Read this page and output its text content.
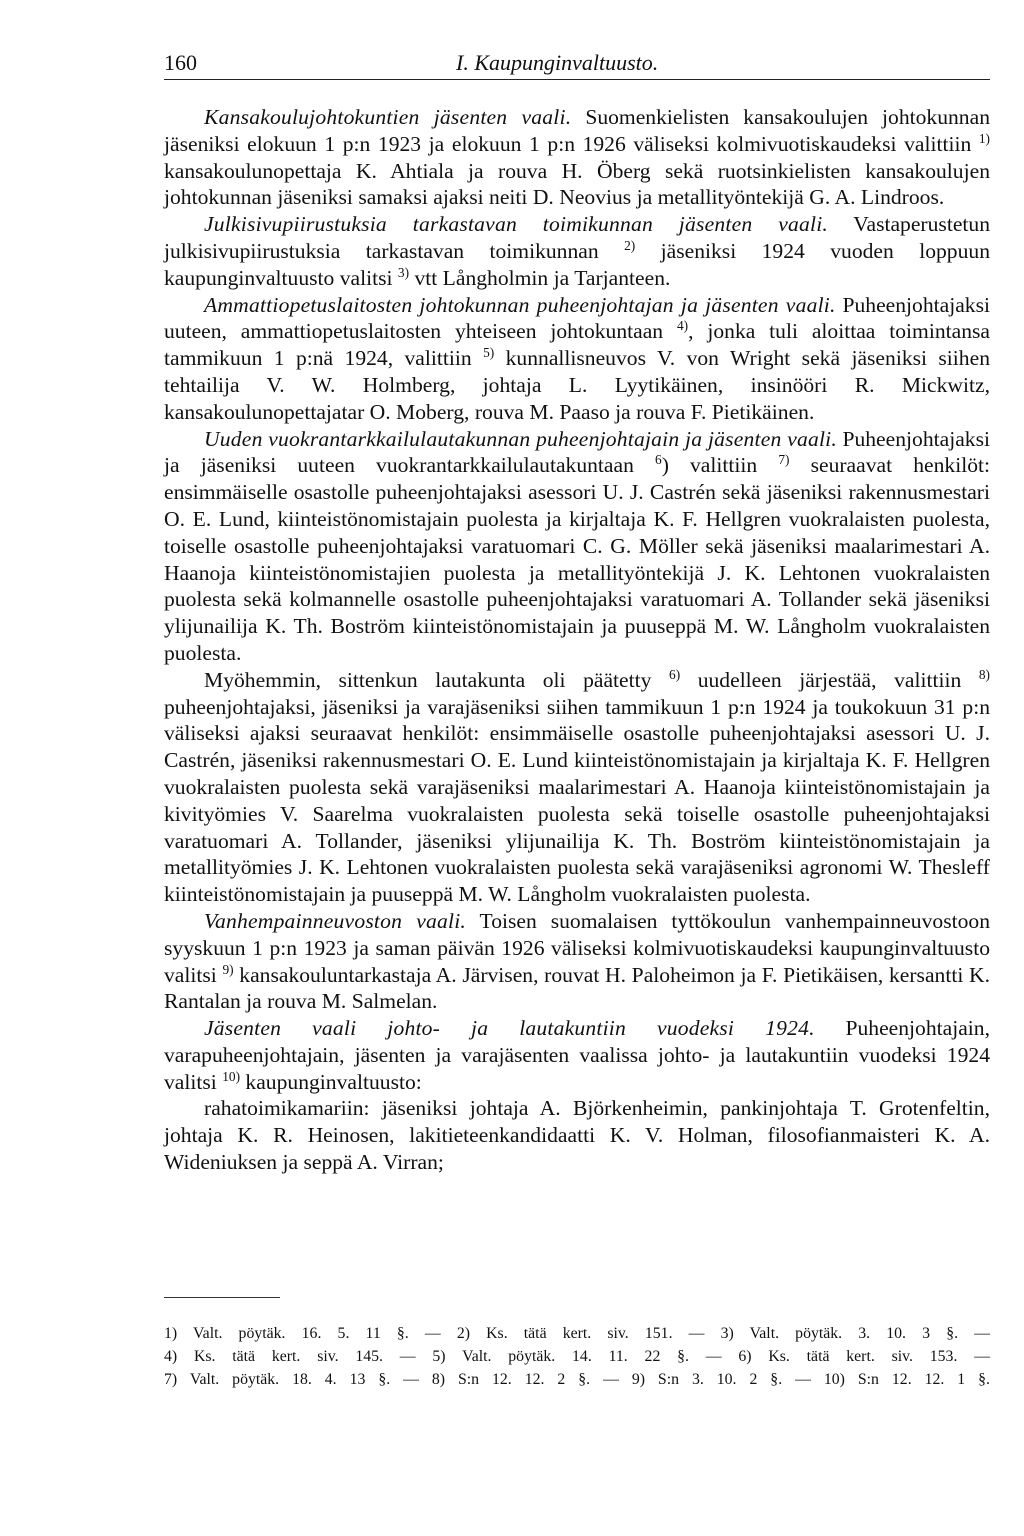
160	I. Kaupunginvaltuusto.

Kansakoulujohtokuntien jäsenten vaali. Suomenkielisten kansakoulujen johtokunnan jäseniksi elokuun 1 p:n 1923 ja elokuun 1 p:n 1926 väliseksi kolmivuotiskaudeksi valittiin $^{1)}$ kansakoulunopettaja K. Ahtiala ja rouva H. Öberg sekä ruotsinkielisten kansakoulujen johtokunnan jäseniksi samaksi ajaksi neiti D. Neovius ja metallityöntekijä G. A. Lindroos.

Julkisivupiirustuksia tarkastavan toimikunnan jäsenten vaali. Vastaperustetun julkisivupiirustuksia tarkastavan toimikunnan $^{2)}$ jäseniksi 1924 vuoden loppuun kaupunginvaltuusto valitsi $^{3)}$ vtt Långholmin ja Tarjanteen.

Ammattiopetuslaitosten johtokunnan puheenjohtajan ja jäsenten vaali. Puheenjohtajaksi uuteen, ammattiopetuslaitosten yhteiseen johtokuntaan $^{4)}$, jonka tuli aloittaa toimintansa tammikuun 1 p:nä 1924, valittiin $^{5)}$ kunnallisneuvos V. von Wright sekä jäseniksi siihen tehtailija V. W. Holmberg, johtaja L. Lyytikäinen, insinööri R. Mickwitz, kansakoulunopettajatar O. Moberg, rouva M. Paaso ja rouva F. Pietikäinen.

Uuden vuokrantarkkailulautakunnan puheenjohtajain ja jäsenten vaali. Puheenjohtajaksi ja jäseniksi uuteen vuokrantarkkailulautakuntaan $^6$) valittiin $^{7)}$ seuraavat henkilöt: ensimmäiselle osastolle puheenjohtajaksi asessori U. J. Castrén sekä jäseniksi rakennusmestari O. E. Lund, kiinteistönomistajain puolesta ja kirjaltaja K. F. Hellgren vuokralaisten puolesta, toiselle osastolle puheenjohtajaksi varatuomari C. G. Möller sekä jäseniksi maalarimestari A. Haanoja kiinteistönomistajien puolesta ja metallityöntekijä J. K. Lehtonen vuokralaisten puolesta sekä kolmannelle osastolle puheenjohtajaksi varatuomari A. Tollander sekä jäseniksi ylijunailija K. Th. Boström kiinteistönomistajain ja puuseppä M. W. Långholm vuokralaisten puolesta.

Myöhemmin, sittenkun lautakunta oli päätetty $^{6)}$ uudelleen järjestää, valittiin $^{8)}$ puheenjohtajaksi, jäseniksi ja varajäseniksi siihen tammikuun 1 p:n 1924 ja toukokuun 31 p:n väliseksi ajaksi seuraavat henkilöt: ensimmäiselle osastolle puheenjohtajaksi asessori U. J. Castrén, jäseniksi rakennusmestari O. E. Lund kiinteistönomistajain ja kirjaltaja K. F. Hellgren vuokralaisten puolesta sekä varajäseniksi maalarimestari A. Haanoja kiinteistönomistajain ja kivityömies V. Saarelma vuokralaisten puolesta sekä toiselle osastolle puheenjohtajaksi varatuomari A. Tollander, jäseniksi ylijunailija K. Th. Boström kiinteistönomistajain ja metallityömies J. K. Lehtonen vuokralaisten puolesta sekä varajäseniksi agronomi W. Thesleff kiinteistönomistajain ja puuseppä M. W. Långholm vuokralaisten puolesta.

Vanhempainneuvoston vaali. Toisen suomalaisen tyttökoulun vanhempainneuvostoon syyskuun 1 p:n 1923 ja saman päivän 1926 väliseksi kolmivuotiskaudeksi kaupunginvaltuusto valitsi $^{9)}$ kansakouluntarkastaja A. Järvisen, rouvat H. Paloheimon ja F. Pietikäisen, kersantti K. Rantalan ja rouva M. Salmelan.

Jäsenten vaali johto- ja lautakuntiin vuodeksi 1924. Puheenjohtajain, varapuheenjohtajain, jäsenten ja varajäsenten vaalissa johto- ja lautakuntiin vuodeksi 1924 valitsi $^{10)}$ kaupunginvaltuusto:

rahatoimikamariin: jäseniksi johtaja A. Björkenheimin, pankinjohtaja T. Grotenfeltin, johtaja K. R. Heinosen, lakitieteenkandidaatti K. V. Holman, filosofianmaisteri K. A. Wideniuksen ja seppä A. Virran;

1) Valt. pöytäk. 16. 5. 11 §. — 2) Ks. tätä kert. siv. 151. — 3) Valt. pöytäk. 3. 10. 3 §. —

4) Ks. tätä kert. siv. 145. — 5) Valt. pöytäk. 14. 11. 22 §. — 6) Ks. tätä kert. siv. 153. —

7) Valt. pöytäk. 18. 4. 13 §. — 8) S:n 12. 12. 2 §. — 9) S:n 3. 10. 2 §. — 10) S:n 12. 12. 1 §.
